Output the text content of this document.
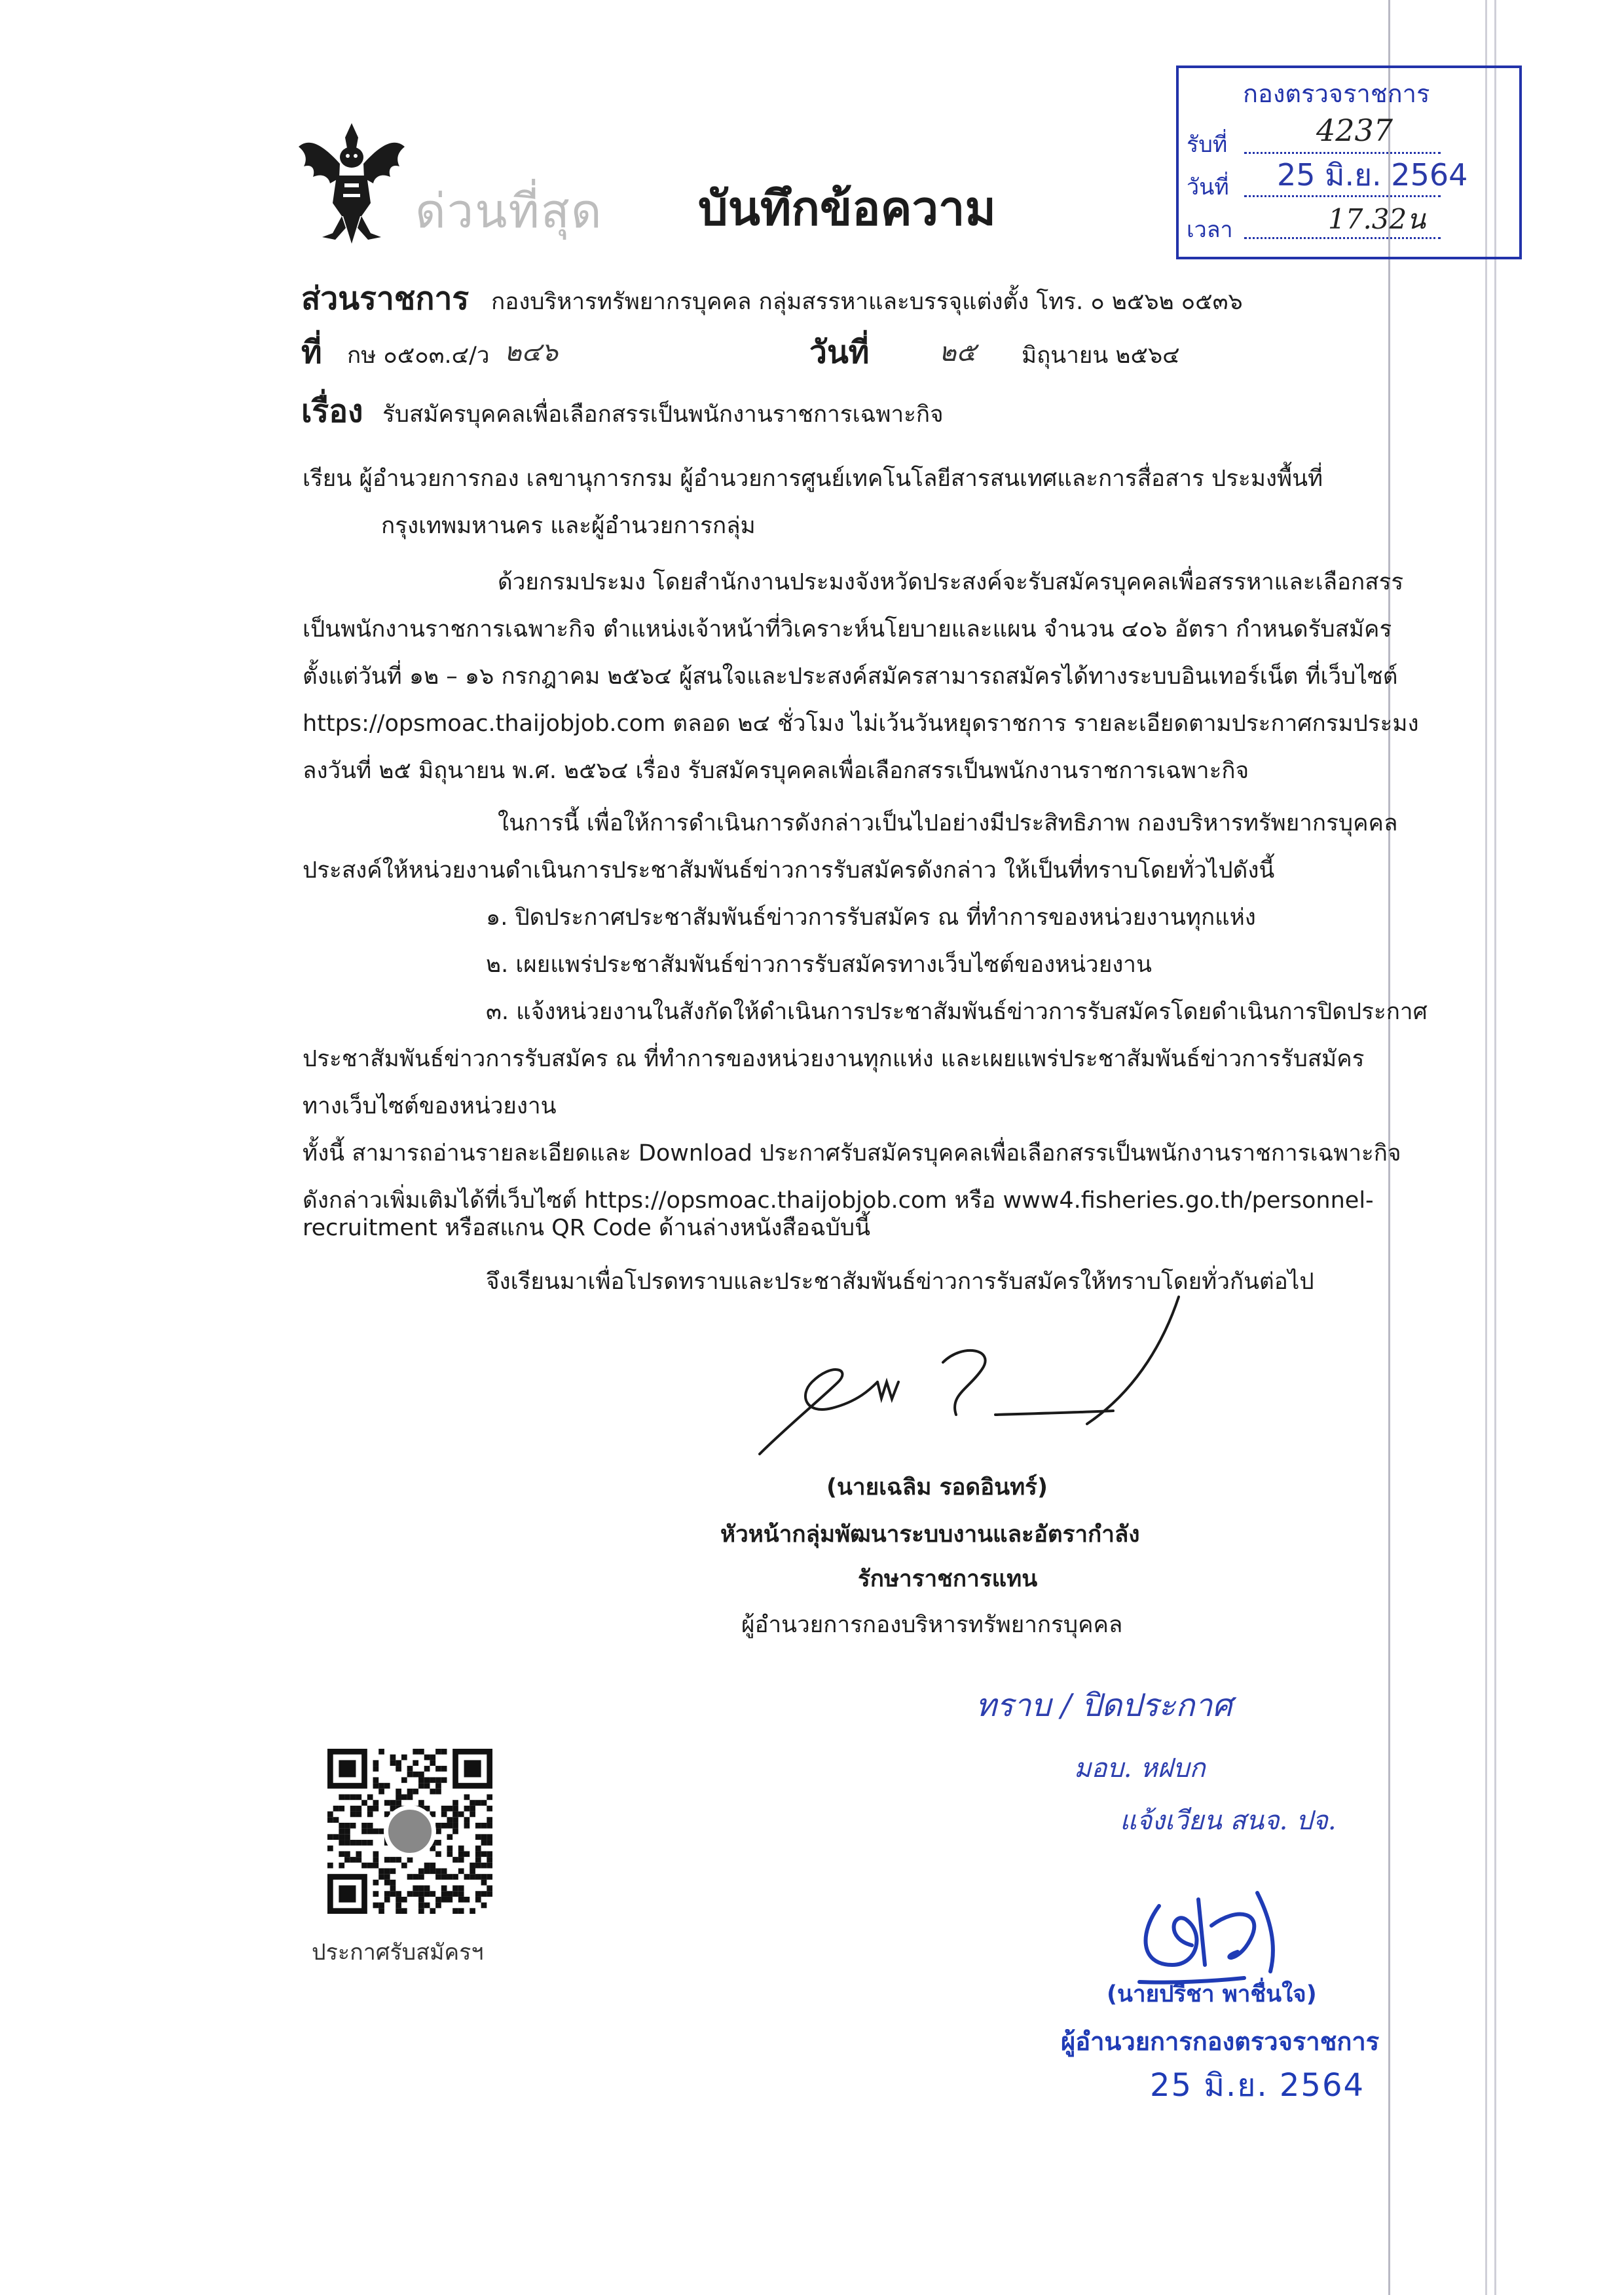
กองตรวจราชการ
รับที่	4237
วันที่ 25 มิ.ย. 2564
เวลา	17.32น
ด่วนที่สุด บันทึกข้อความ
ส่วนราชการ กองบริหารทรัพยากรบุคคล กลุ่มสรรหาและบรรจุแต่งตั้ง โทร. ๐ ๒๕๖๒ ๐๕๓๖
ที่ กษ ๐๕๐๓.๔/ว ๒๔๖	วันที่	๒๕ มิถุนายน ๒๕๖๔
เรื่อง รับสมัครบุคคลเพื่อเลือกสรรเป็นพนักงานราชการเฉพาะกิจ
เรียน ผู้อำนวยการกอง เลขานุการกรม ผู้อำนวยการศูนย์เทคโนโลยีสารสนเทศและการสื่อสาร ประมงพื้นที่
กรุงเทพมหานคร และผู้อำนวยการกลุ่ม
ด้วยกรมประมง โดยสำนักงานประมงจังหวัดประสงค์จะรับสมัครบุคคลเพื่อสรรหาและเลือกสรร
เป็นพนักงานราชการเฉพาะกิจ ตำแหน่งเจ้าหน้าที่วิเคราะห์นโยบายและแผน จำนวน ๔๐๖ อัตรา กำหนดรับสมัคร
ตั้งแต่วันที่ ๑๒ – ๑๖ กรกฎาคม ๒๕๖๔ ผู้สนใจและประสงค์สมัครสามารถสมัครได้ทางระบบอินเทอร์เน็ต ที่เว็บไซต์
https://opsmoac.thaijobjob.com ตลอด ๒๔ ชั่วโมง ไม่เว้นวันหยุดราชการ รายละเอียดตามประกาศกรมประมง
ลงวันที่ ๒๕ มิถุนายน พ.ศ. ๒๕๖๔ เรื่อง รับสมัครบุคคลเพื่อเลือกสรรเป็นพนักงานราชการเฉพาะกิจ
ในการนี้ เพื่อให้การดำเนินการดังกล่าวเป็นไปอย่างมีประสิทธิภาพ กองบริหารทรัพยากรบุคคล
ประสงค์ให้หน่วยงานดำเนินการประชาสัมพันธ์ข่าวการรับสมัครดังกล่าว ให้เป็นที่ทราบโดยทั่วไปดังนี้
๑. ปิดประกาศประชาสัมพันธ์ข่าวการรับสมัคร ณ ที่ทำการของหน่วยงานทุกแห่ง
๒. เผยแพร่ประชาสัมพันธ์ข่าวการรับสมัครทางเว็บไซต์ของหน่วยงาน
๓. แจ้งหน่วยงานในสังกัดให้ดำเนินการประชาสัมพันธ์ข่าวการรับสมัครโดยดำเนินการปิดประกาศ
ประชาสัมพันธ์ข่าวการรับสมัคร ณ ที่ทำการของหน่วยงานทุกแห่ง และเผยแพร่ประชาสัมพันธ์ข่าวการรับสมัคร
ทางเว็บไซต์ของหน่วยงาน
ทั้งนี้ สามารถอ่านรายละเอียดและ Download ประกาศรับสมัครบุคคลเพื่อเลือกสรรเป็นพนักงานราชการเฉพาะกิจ
ดังกล่าวเพิ่มเติมได้ที่เว็บไซต์ https://opsmoac.thaijobjob.com หรือ www4.fisheries.go.th/personnel-
recruitment หรือสแกน QR Code ด้านล่างหนังสือฉบับนี้
จึงเรียนมาเพื่อโปรดทราบและประชาสัมพันธ์ข่าวการรับสมัครให้ทราบโดยทั่วกันต่อไป
(นายเฉลิม รอดอินทร์)
หัวหน้ากลุ่มพัฒนาระบบงานและอัตรากำลัง
รักษาราชการแทน
ผู้อำนวยการกองบริหารทรัพยากรบุคคล
ทราบ / ปิดประกาศ
มอบ. หฝบก
แจ้งเวียน สนจ. ปจ.
ประกาศรับสมัครฯ
(นายปรีชา พาชื่นใจ)
ผู้อำนวยการกองตรวจราชการ
25 มิ.ย. 2564
